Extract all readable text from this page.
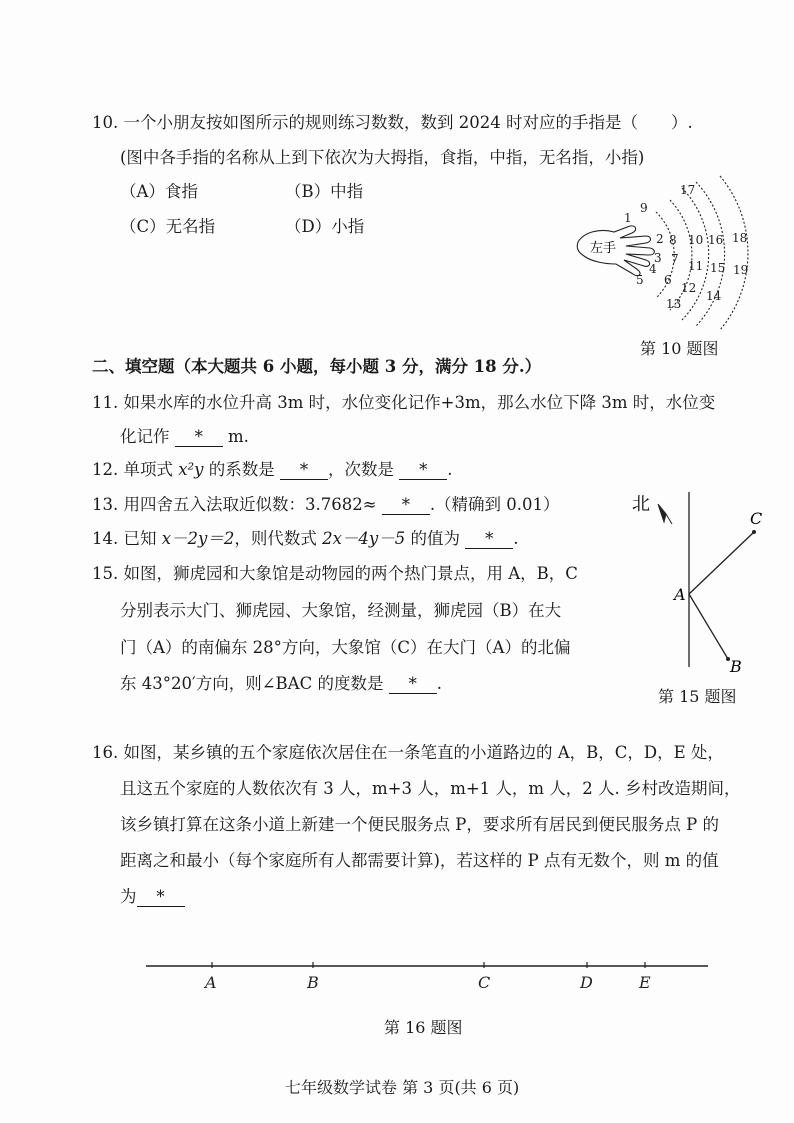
10. 一个小朋友按如图所示的规则练习数数，数到 2024 时对应的手指是（　　）.
(图中各手指的名称从上到下依次为大拇指，食指，中指，无名指，小指)
（A）食指	（B）中指
（C）无名指	（D）小指
左手
1
2
3
4
5 6
7
8
9
10
11
12
13
14
15
16
17
18
19
第 10 题图
二、填空题（本大题共 6 小题，每小题 3 分，满分 18 分.）
11. 如果水库的水位升高 3m 时，水位变化记作+3m，那么水位下降 3m 时，水位变
化记作 * m.
12. 单项式 x²y 的系数是 * ，次数是 * .
13. 用四舍五入法取近似数：3.7682≈ * .（精确到 0.01）
14. 已知 x－2y＝2，则代数式 2x－4y－5 的值为 * .
15. 如图，狮虎园和大象馆是动物园的两个热门景点，用 A，B，C
分别表示大门、狮虎园、大象馆，经测量，狮虎园（B）在大
门（A）的南偏东 28°方向，大象馆（C）在大门（A）的北偏
东 43°20′方向，则∠BAC 的度数是 * .
北
A
C
B
第 15 题图
16. 如图，某乡镇的五个家庭依次居住在一条笔直的小道路边的 A，B，C，D，E 处，
且这五个家庭的人数依次有 3 人，m+3 人，m+1 人，m 人，2 人. 乡村改造期间，
该乡镇打算在这条小道上新建一个便民服务点 P，要求所有居民到便民服务点 P 的
距离之和最小（每个家庭所有人都需要计算)，若这样的 P 点有无数个，则 m 的值
为 *
A	B	C	D	E
第 16 题图
七年级数学试卷 第 3 页(共 6 页)
